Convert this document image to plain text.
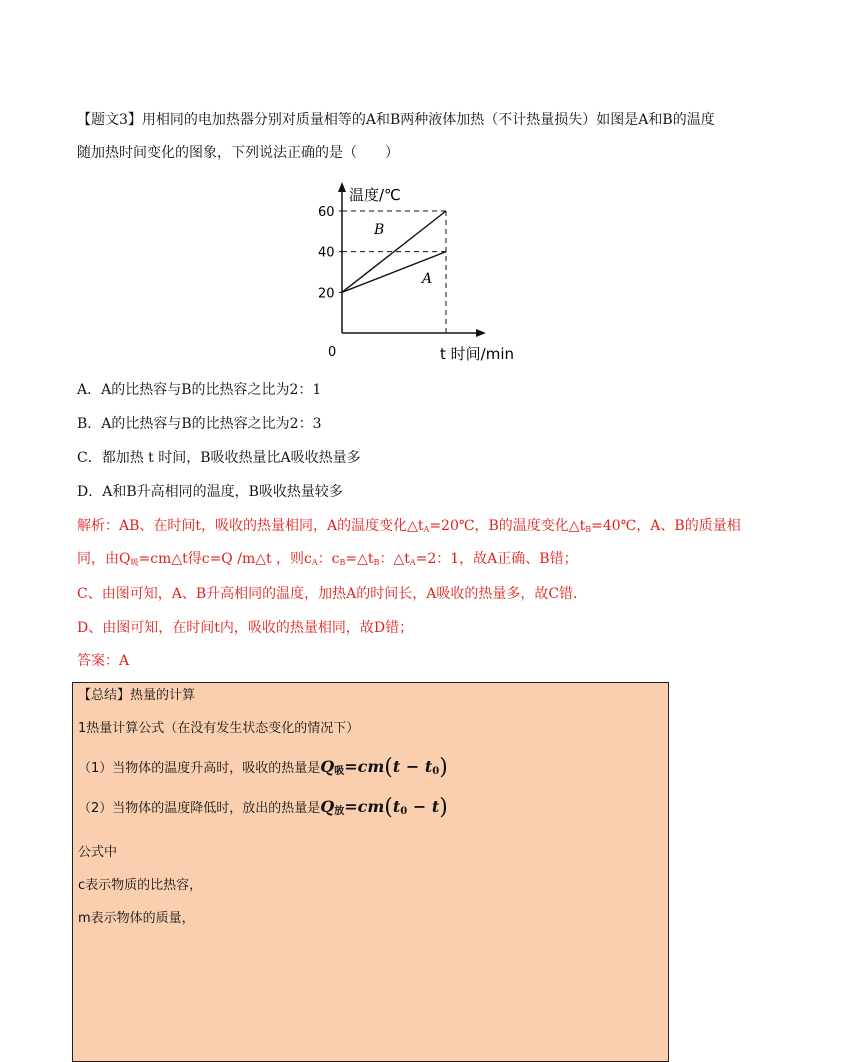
【题文3】用相同的电加热器分别对质量相等的A和B两种液体加热（不计热量损失）如图是A和B的温度
随加热时间变化的图象，下列说法正确的是（　　）
20
40
60
温度/℃
0	t 时间/min
B
A
A．A的比热容与B的比热容之比为2：1
B．A的比热容与B的比热容之比为2：3
C．都加热 t 时间，B吸收热量比A吸收热量多
D．A和B升高相同的温度，B吸收热量较多
解析：AB、在时间t，吸收的热量相同，A的温度变化$\triangle t_A=20℃$，B的温度变化$\triangle t_B=40℃$，A、B的质量相
同，由$Q_吸=cm\triangle t$得c=Q /m△t ，则$c_A$：$c_B=\triangle t_B$：$\triangle t_A=2$：1，故A正确、B错；
C、由图可知，A、B升高相同的温度，加热A的时间长，A吸收的热量多，故C错.
D、由图可知，在时间t内，吸收的热量相同，故D错；
答案：A
【总结】热量的计算
1热量计算公式（在没有发生状态变化的情况下）
（1）当物体的温度升高时，吸收的热量是$Q_吸=cm(t - t_0)$
（2）当物体的温度降低时，放出的热量是$Q_放=cm(t_0 - t)$
公式中
c表示物质的比热容，
m表示物体的质量，
